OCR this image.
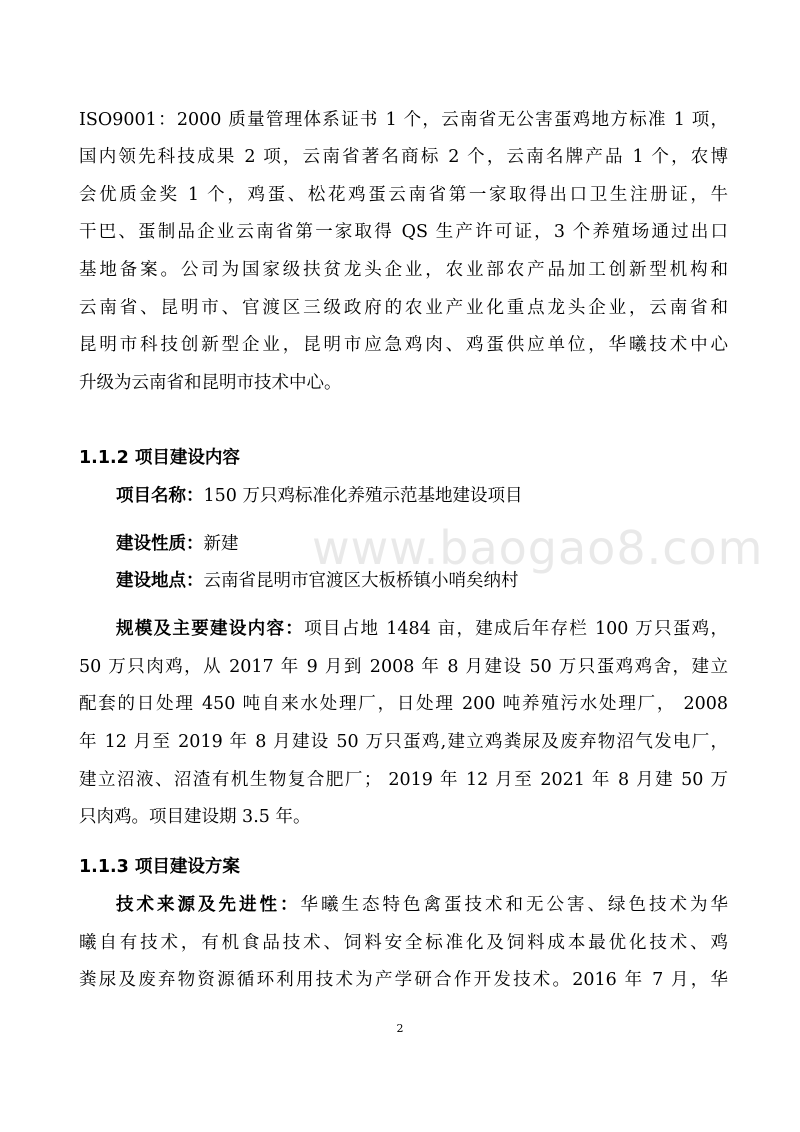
www.baogao8.com
ISO9001：2000 质量管理体系证书 1 个，云南省无公害蛋鸡地方标准 1 项，
国内领先科技成果 2 项，云南省著名商标 2 个，云南名牌产品 1 个，农博
会优质金奖 1 个，鸡蛋、松花鸡蛋云南省第一家取得出口卫生注册证，牛
干巴、蛋制品企业云南省第一家取得 QS 生产许可证，3 个养殖场通过出口
基地备案。公司为国家级扶贫龙头企业，农业部农产品加工创新型机构和
云南省、昆明市、官渡区三级政府的农业产业化重点龙头企业，云南省和
昆明市科技创新型企业，昆明市应急鸡肉、鸡蛋供应单位，华曦技术中心
升级为云南省和昆明市技术中心。
1.1.2 项目建设内容
项目名称：150 万只鸡标准化养殖示范基地建设项目
建设性质：新建
建设地点：云南省昆明市官渡区大板桥镇小哨矣纳村
规模及主要建设内容：项目占地 1484 亩，建成后年存栏 100 万只蛋鸡，
50 万只肉鸡，从 2017 年 9 月到 2008 年 8 月建设 50 万只蛋鸡鸡舍，建立
配套的日处理 450 吨自来水处理厂，日处理 200 吨养殖污水处理厂， 2008
年 12 月至 2019 年 8 月建设 50 万只蛋鸡,建立鸡粪尿及废弃物沼气发电厂，
建立沼液、沼渣有机生物复合肥厂； 2019 年 12 月至 2021 年 8 月建 50 万
只肉鸡。项目建设期 3.5 年。
1.1.3 项目建设方案
技术来源及先进性：华曦生态特色禽蛋技术和无公害、绿色技术为华
曦自有技术，有机食品技术、饲料安全标准化及饲料成本最优化技术、鸡
粪尿及废弃物资源循环利用技术为产学研合作开发技术。2016 年 7 月，华
2
